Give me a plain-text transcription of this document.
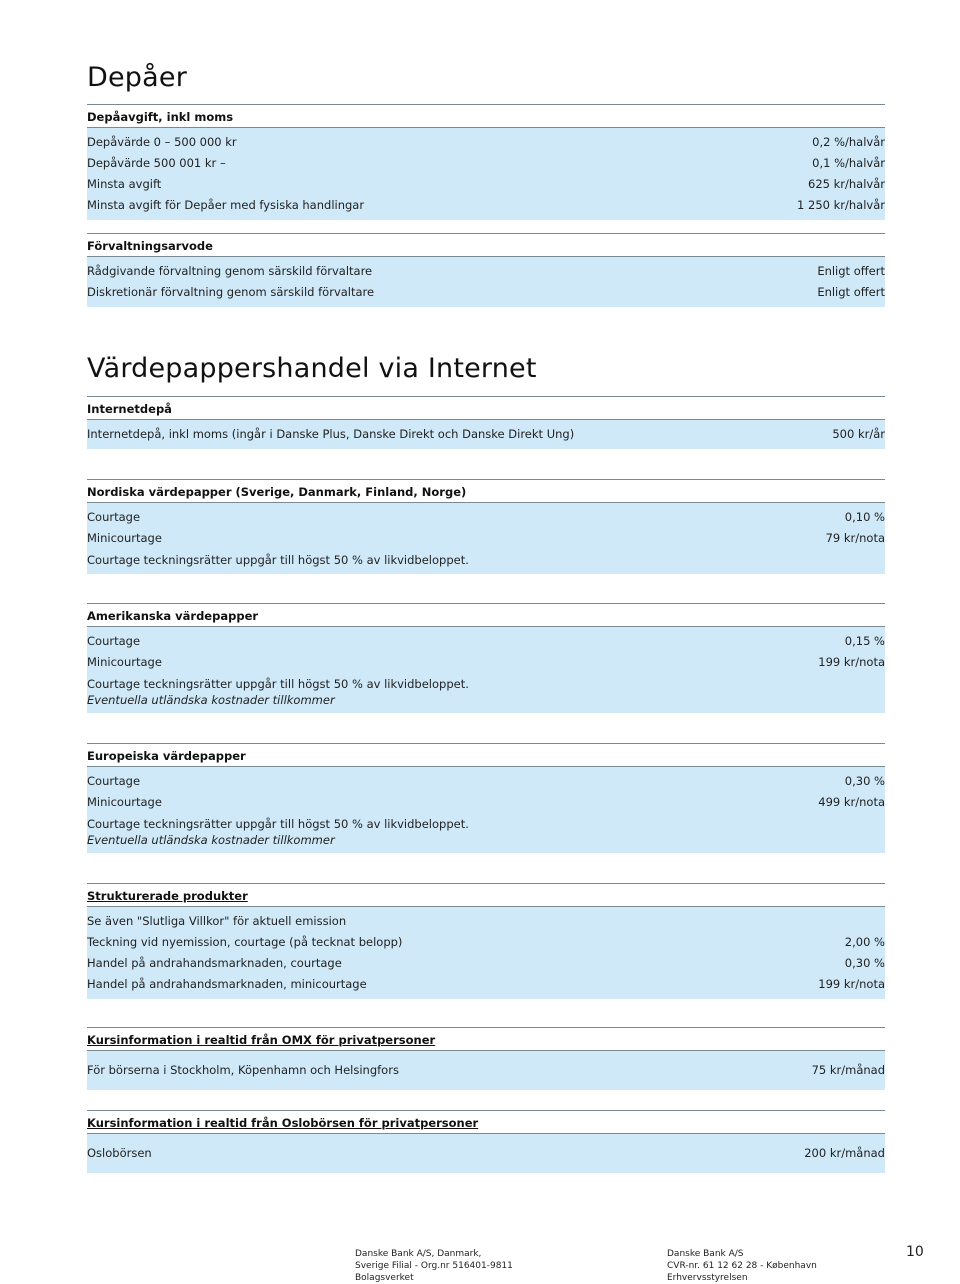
Depåer
Depåavgift, inkl moms
Depåvärde 0 – 500 000 kr	0,2 %/halvår
Depåvärde 500 001 kr –	0,1 %/halvår
Minsta avgift	625 kr/halvår
Minsta avgift för Depåer med fysiska handlingar	1 250 kr/halvår
Förvaltningsarvode
Rådgivande förvaltning genom särskild förvaltare	Enligt offert
Diskretionär förvaltning genom särskild förvaltare	Enligt offert
Värdepappershandel via Internet
Internetdepå
Internetdepå, inkl moms (ingår i Danske Plus, Danske Direkt och Danske Direkt Ung)	500 kr/år
Nordiska värdepapper (Sverige, Danmark, Finland, Norge)
Courtage	0,10 %
Minicourtage	79 kr/nota
Courtage teckningsrätter uppgår till högst 50 % av likvidbeloppet.
Amerikanska värdepapper
Courtage	0,15 %
Minicourtage	199 kr/nota
Courtage teckningsrätter uppgår till högst 50 % av likvidbeloppet.
Eventuella utländska kostnader tillkommer
Europeiska värdepapper
Courtage	0,30 %
Minicourtage	499 kr/nota
Courtage teckningsrätter uppgår till högst 50 % av likvidbeloppet.
Eventuella utländska kostnader tillkommer
Strukturerade produkter
Se även "Slutliga Villkor" för aktuell emission
Teckning vid nyemission, courtage (på tecknat belopp)	2,00 %
Handel på andrahandsmarknaden, courtage	0,30 %
Handel på andrahandsmarknaden, minicourtage	199 kr/nota
Kursinformation i realtid från OMX för privatpersoner
För börserna i Stockholm, Köpenhamn och Helsingfors	75 kr/månad
Kursinformation i realtid från Oslobörsen för privatpersoner
Oslobörsen	200 kr/månad
Danske Bank A/S, Danmark,
Sverige Filial - Org.nr 516401-9811
Bolagsverket
Danske Bank A/S
CVR-nr. 61 12 62 28 - København
Erhvervsstyrelsen
10
